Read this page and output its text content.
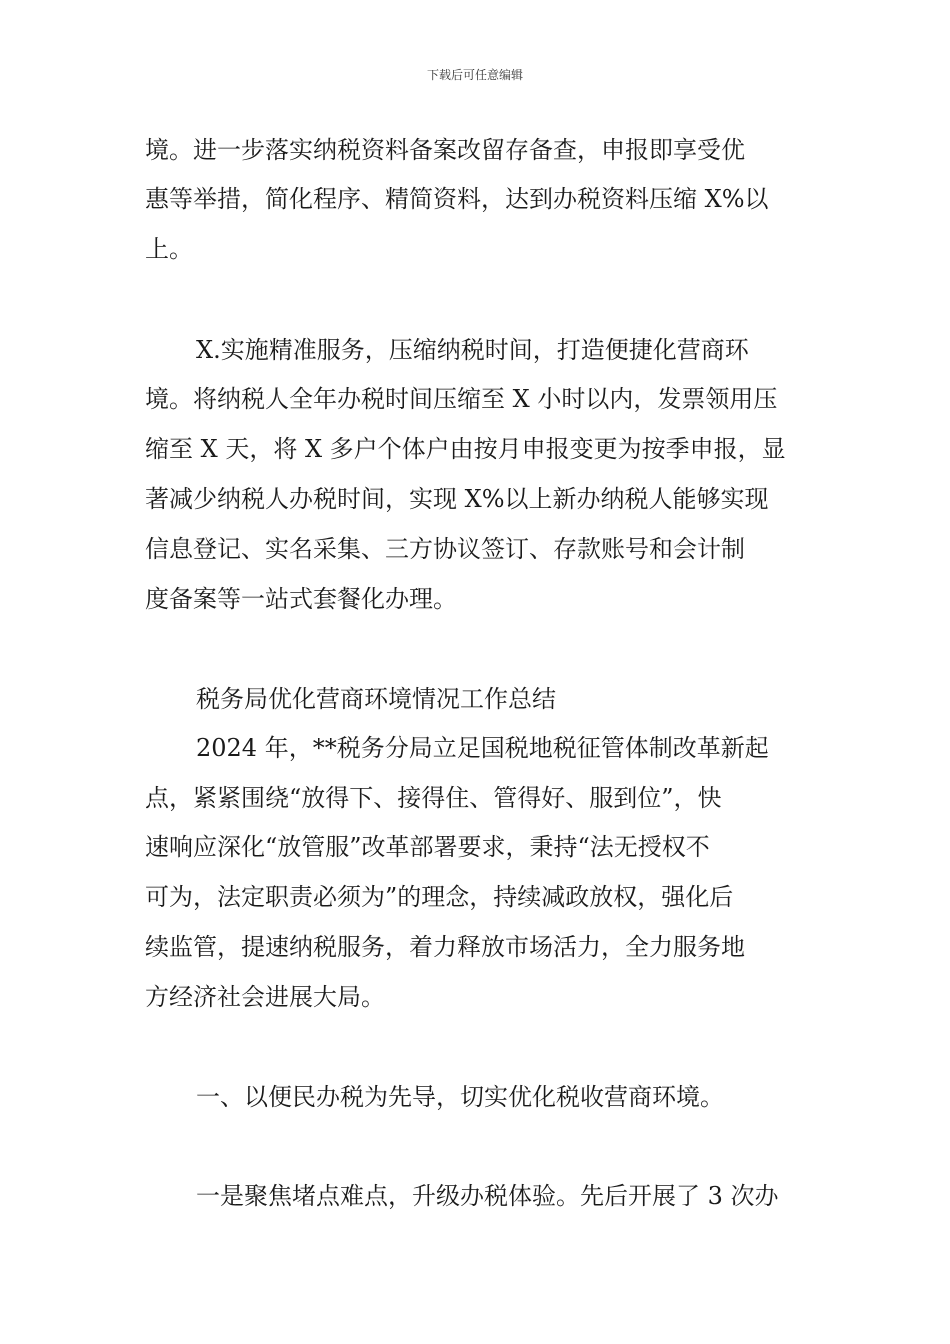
下载后可任意编辑
境。进一步落实纳税资料备案改留存备查，申报即享受优
惠等举措，简化程序、精简资料，达到办税资料压缩 X%以
上。
X.实施精准服务，压缩纳税时间，打造便捷化营商环
境。将纳税人全年办税时间压缩至 X 小时以内，发票领用压
缩至 X 天，将 X 多户个体户由按月申报变更为按季申报，显
著减少纳税人办税时间，实现 X%以上新办纳税人能够实现
信息登记、实名采集、三方协议签订、存款账号和会计制
度备案等一站式套餐化办理。
税务局优化营商环境情况工作总结
2024 年，**税务分局立足国税地税征管体制改革新起
点，紧紧围绕“放得下、接得住、管得好、服到位”，快
速响应深化“放管服”改革部署要求，秉持“法无授权不
可为，法定职责必须为”的理念，持续减政放权，强化后
续监管，提速纳税服务，着力释放市场活力，全力服务地
方经济社会进展大局。
一、以便民办税为先导，切实优化税收营商环境。
一是聚焦堵点难点，升级办税体验。先后开展了 3 次办
